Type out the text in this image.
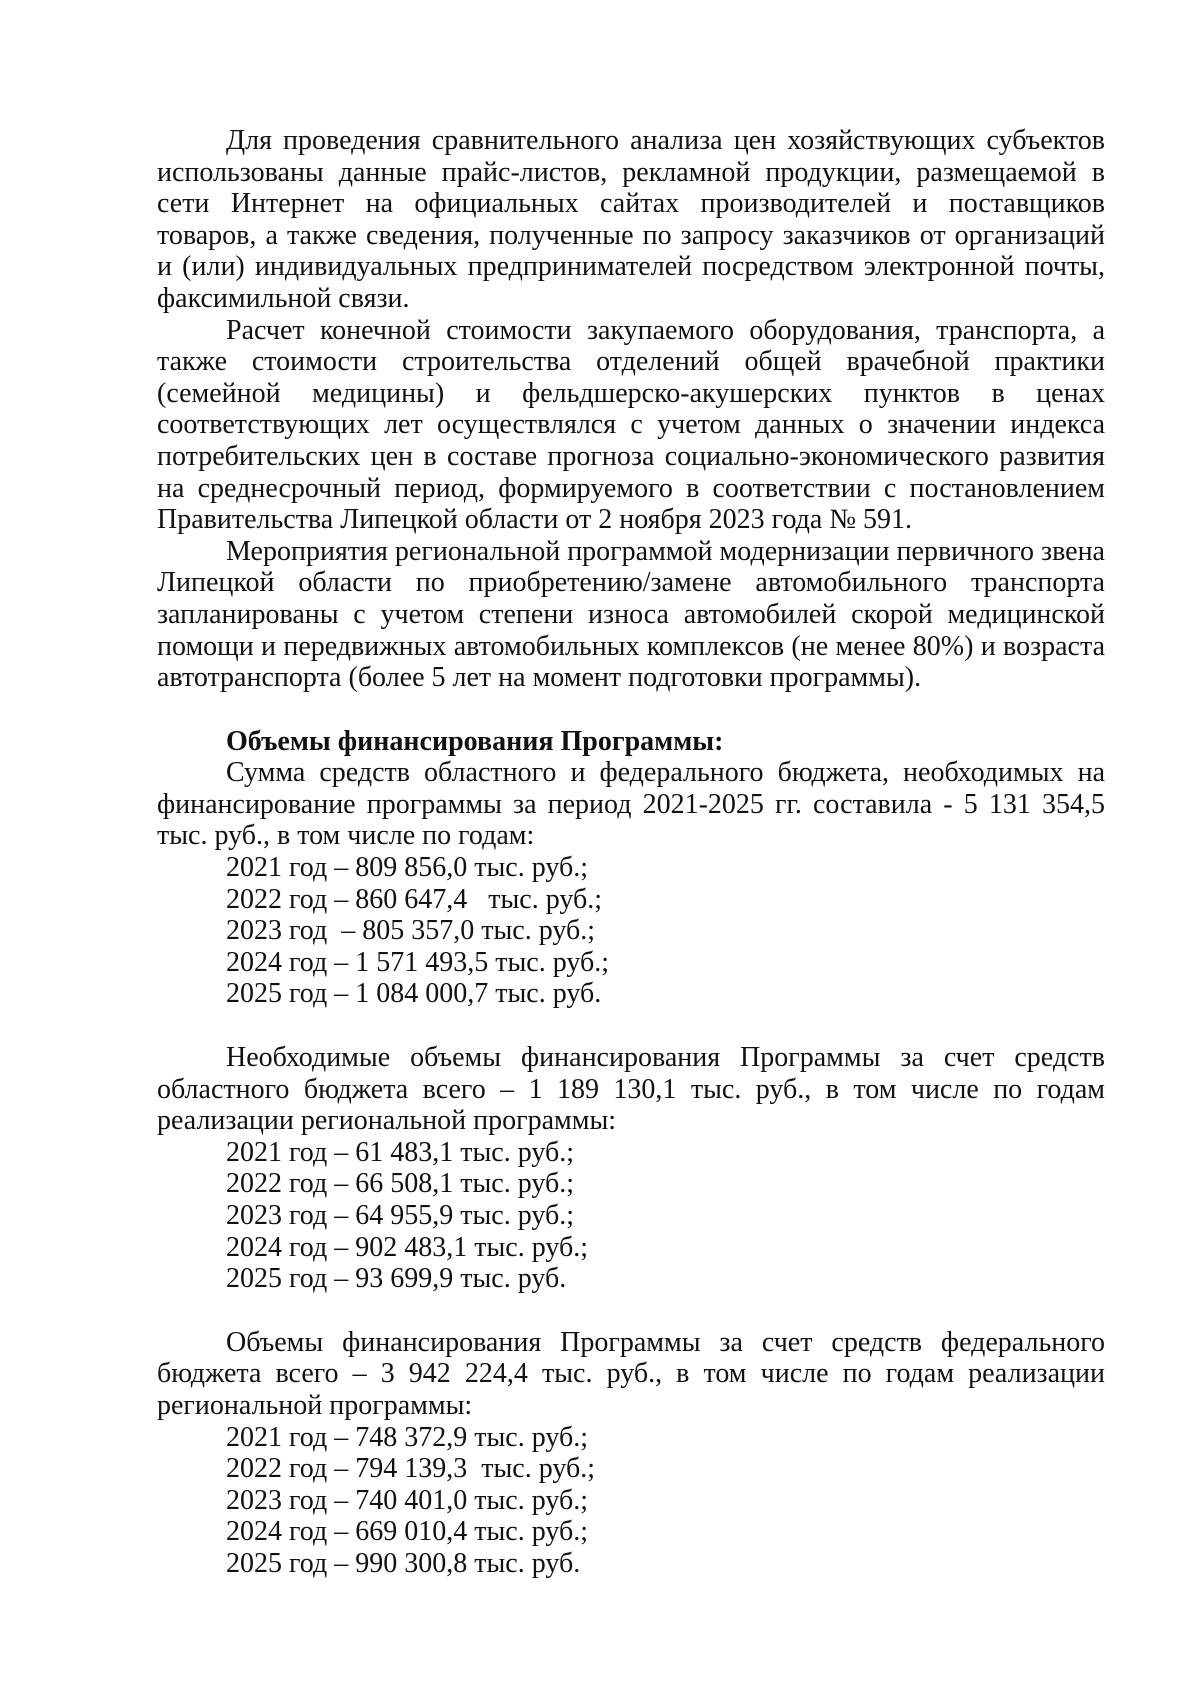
Для проведения сравнительного анализа цен хозяйствующих субъектов использованы данные прайс-листов, рекламной продукции, размещаемой в сети Интернет на официальных сайтах производителей и поставщиков товаров, а также сведения, полученные по запросу заказчиков от организаций и (или) индивидуальных предпринимателей посредством электронной почты, факсимильной связи.

Расчет конечной стоимости закупаемого оборудования, транспорта, а также стоимости строительства отделений общей врачебной практики (семейной медицины) и фельдшерско-акушерских пунктов в ценах соответствующих лет осуществлялся с учетом данных о значении индекса потребительских цен в составе прогноза социально-экономического развития на среднесрочный период, формируемого в соответствии с постановлением Правительства Липецкой области от 2 ноября 2023 года № 591.

Мероприятия региональной программой модернизации первичного звена Липецкой области по приобретению/замене автомобильного транспорта запланированы с учетом степени износа автомобилей скорой медицинской помощи и передвижных автомобильных комплексов (не менее 80%) и возраста автотранспорта (более 5 лет на момент подготовки программы).

Объемы финансирования Программы:

Сумма средств областного и федерального бюджета, необходимых на финансирование программы за период 2021-2025 гг. составила - 5 131 354,5 тыс. руб., в том числе по годам:

2021 год – 809 856,0 тыс. руб.;

2022 год – 860 647,4   тыс. руб.;

2023 год  – 805 357,0 тыс. руб.;

2024 год – 1 571 493,5 тыс. руб.;

2025 год – 1 084 000,7 тыс. руб.

Необходимые объемы финансирования Программы за счет средств областного бюджета всего – 1 189 130,1 тыс. руб., в том числе по годам реализации региональной программы:

2021 год – 61 483,1 тыс. руб.;

2022 год – 66 508,1 тыс. руб.;

2023 год – 64 955,9 тыс. руб.;

2024 год – 902 483,1 тыс. руб.;

2025 год – 93 699,9 тыс. руб.

Объемы финансирования Программы за счет средств федерального бюджета всего – 3 942 224,4 тыс. руб., в том числе по годам реализации региональной программы:

2021 год – 748 372,9 тыс. руб.;

2022 год – 794 139,3  тыс. руб.;

2023 год – 740 401,0 тыс. руб.;

2024 год – 669 010,4 тыс. руб.;

2025 год – 990 300,8 тыс. руб.
